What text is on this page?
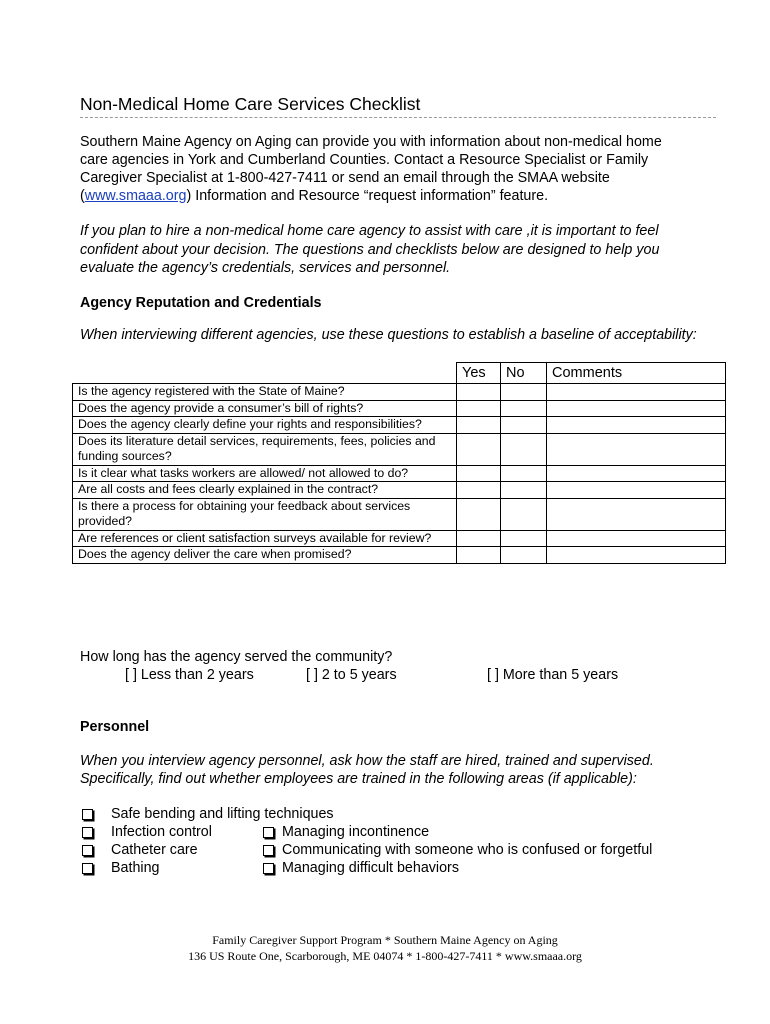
Non-Medical Home Care Services Checklist
Southern Maine Agency on Aging can provide you with information about non-medical home
care agencies in York and Cumberland Counties. Contact a Resource Specialist or Family
Caregiver Specialist at 1-800-427-7411 or send an email through the SMAA website
(www.smaaa.org) Information and Resource “request information” feature.
If you plan to hire a non-medical home care agency to assist with care ,it is important to feel
confident about your decision. The questions and checklists below are designed to help you
evaluate the agency’s credentials, services and personnel.
Agency Reputation and Credentials
When interviewing different agencies, use these questions to establish a baseline of acceptability:
	Yes	No	Comments
Is the agency registered with the State of Maine?			
Does the agency provide a consumer’s bill of rights?			
Does the agency clearly define your rights and responsibilities?			
Does its literature detail services, requirements, fees, policies and funding sources?			
Is it clear what tasks workers are allowed/ not allowed to do?			
Are all costs and fees clearly explained in the contract?			
Is there a process for obtaining your feedback about services provided?			
Are references or client satisfaction surveys available for review?			
Does the agency deliver the care when promised?			
How long has the agency served the community?
[ ] Less than 2 years	[ ] 2 to 5 years	[ ] More than 5 years
Personnel
When you interview agency personnel, ask how the staff are hired, trained and supervised.
Specifically, find out whether employees are trained in the following areas (if applicable):
Safe bending and lifting techniques
Infection control
Catheter care
Bathing
Managing incontinence
Communicating with someone who is confused or forgetful
Managing difficult behaviors
Family Caregiver Support Program * Southern Maine Agency on Aging
136 US Route One, Scarborough, ME 04074 * 1-800-427-7411 * www.smaaa.org
